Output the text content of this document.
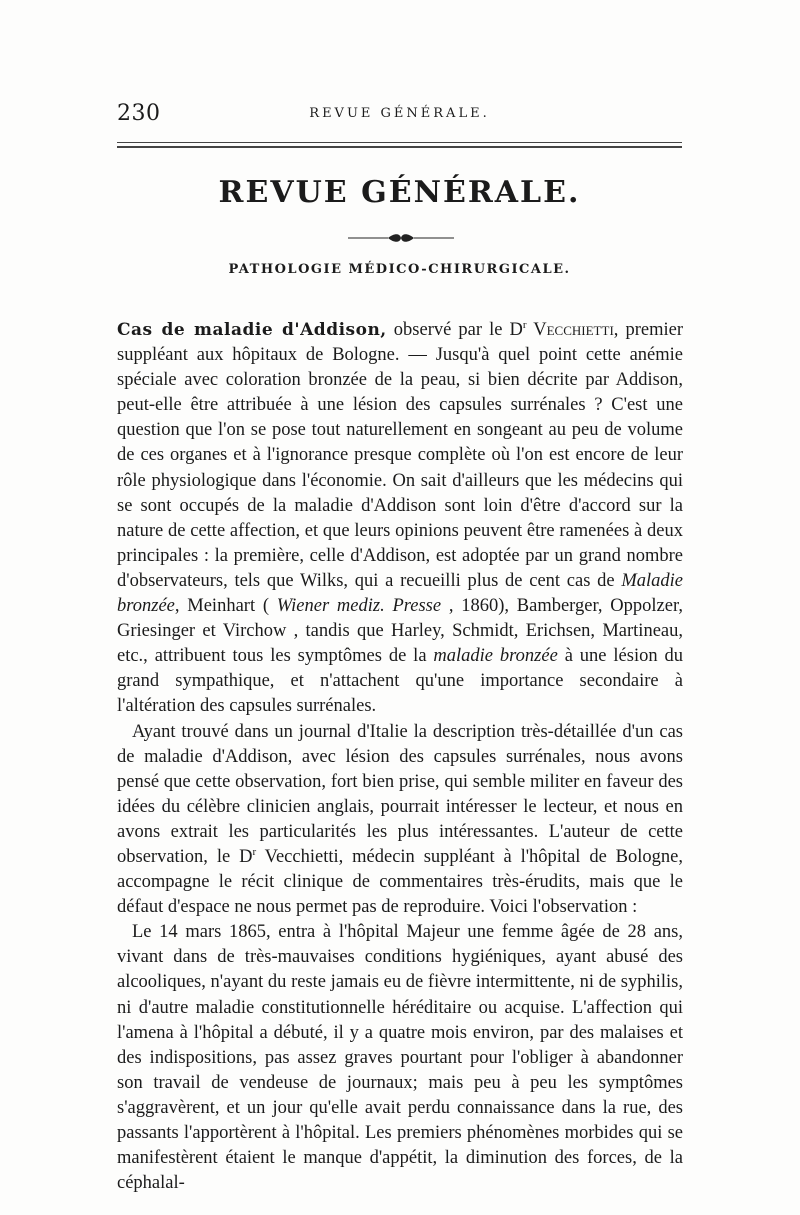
230	REVUE GÉNÉRALE.
REVUE GÉNÉRALE.
PATHOLOGIE MÉDICO-CHIRURGICALE.

Cas de maladie d'Addison, observé par le $D^r$ Vecchietti, premier suppléant aux hôpitaux de Bologne. — Jusqu'à quel point cette anémie spéciale avec coloration bronzée de la peau, si bien décrite par Addison, peut-elle être attribuée à une lésion des capsules surrénales ? C'est une question que l'on se pose tout naturellement en songeant au peu de volume de ces organes et à l'ignorance presque complète où l'on est encore de leur rôle physiologique dans l'économie. On sait d'ailleurs que les médecins qui se sont occupés de la maladie d'Addison sont loin d'être d'accord sur la nature de cette affection, et que leurs opinions peuvent être ramenées à deux principales : la première, celle d'Addison, est adoptée par un grand nombre d'observateurs, tels que Wilks, qui a recueilli plus de cent cas de Maladie bronzée, Meinhart ( Wiener mediz. Presse , 1860), Bamberger, Oppolzer, Griesinger et Virchow , tandis que Harley, Schmidt, Erichsen, Martineau, etc., attribuent tous les symptômes de la maladie bronzée à une lésion du grand sympathique, et n'attachent qu'une importance secondaire à l'altération des capsules surrénales.

Ayant trouvé dans un journal d'Italie la description très-détaillée d'un cas de maladie d'Addison, avec lésion des capsules surrénales, nous avons pensé que cette observation, fort bien prise, qui semble militer en faveur des idées du célèbre clinicien anglais, pourrait intéresser le lecteur, et nous en avons extrait les particularités les plus intéressantes. L'auteur de cette observation, le $D^r$ Vecchietti, médecin suppléant à l'hôpital de Bologne, accompagne le récit clinique de commentaires très-érudits, mais que le défaut d'espace ne nous permet pas de reproduire. Voici l'observation :

Le 14 mars 1865, entra à l'hôpital Majeur une femme âgée de 28 ans, vivant dans de très-mauvaises conditions hygiéniques, ayant abusé des alcooliques, n'ayant du reste jamais eu de fièvre intermittente, ni de syphilis, ni d'autre maladie constitutionnelle héréditaire ou acquise. L'affection qui l'amena à l'hôpital a débuté, il y a quatre mois environ, par des malaises et des indispositions, pas assez graves pourtant pour l'obliger à abandonner son travail de vendeuse de journaux; mais peu à peu les symptômes s'aggravèrent, et un jour qu'elle avait perdu connaissance dans la rue, des passants l'apportèrent à l'hôpital. Les premiers phénomènes morbides qui se manifestèrent étaient le manque d'appétit, la diminution des forces, de la céphalal-
